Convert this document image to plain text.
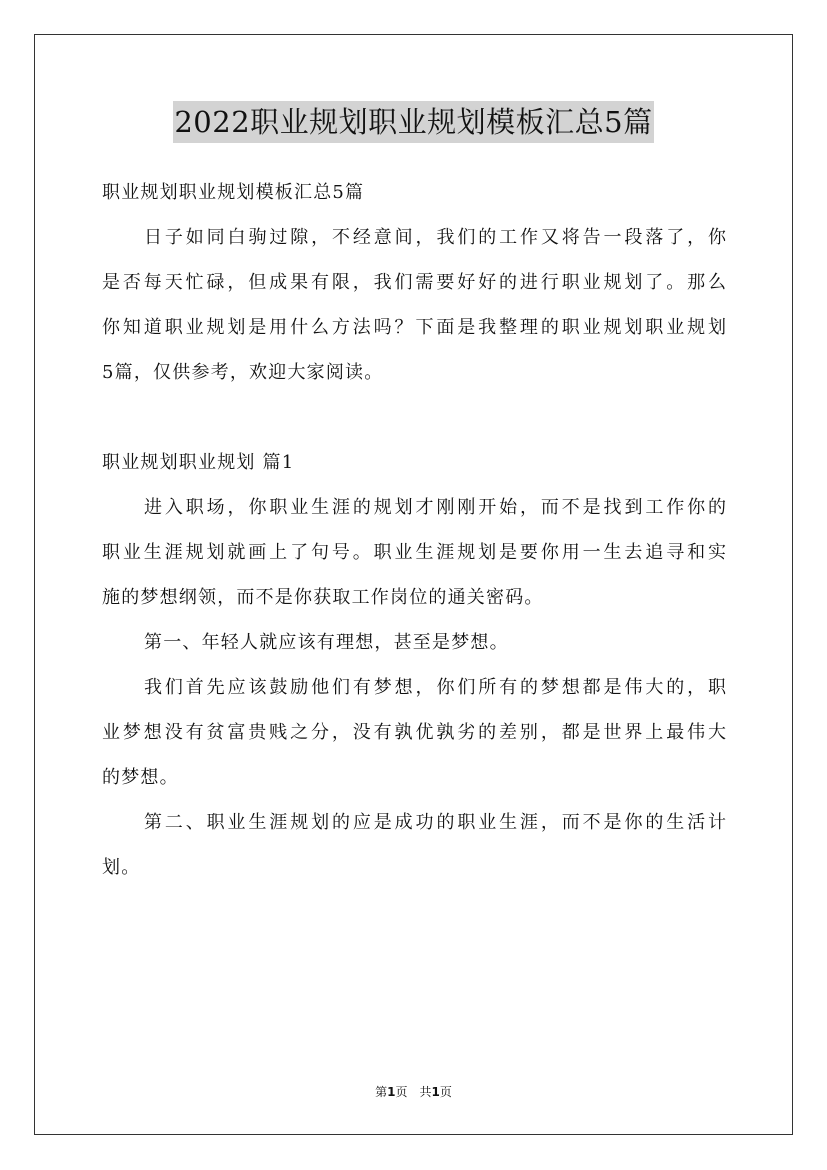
2022职业规划职业规划模板汇总5篇
职业规划职业规划模板汇总5篇
日子如同白驹过隙，不经意间，我们的工作又将告一段落了，你
是否每天忙碌，但成果有限，我们需要好好的进行职业规划了。那么
你知道职业规划是用什么方法吗？下面是我整理的职业规划职业规划
5篇，仅供参考，欢迎大家阅读。
职业规划职业规划 篇1
进入职场，你职业生涯的规划才刚刚开始，而不是找到工作你的
职业生涯规划就画上了句号。职业生涯规划是要你用一生去追寻和实
施的梦想纲领，而不是你获取工作岗位的通关密码。
第一、年轻人就应该有理想，甚至是梦想。
我们首先应该鼓励他们有梦想，你们所有的梦想都是伟大的，职
业梦想没有贫富贵贱之分，没有孰优孰劣的差别，都是世界上最伟大
的梦想。
第二、职业生涯规划的应是成功的职业生涯，而不是你的生活计
划。
第1页 共1页
